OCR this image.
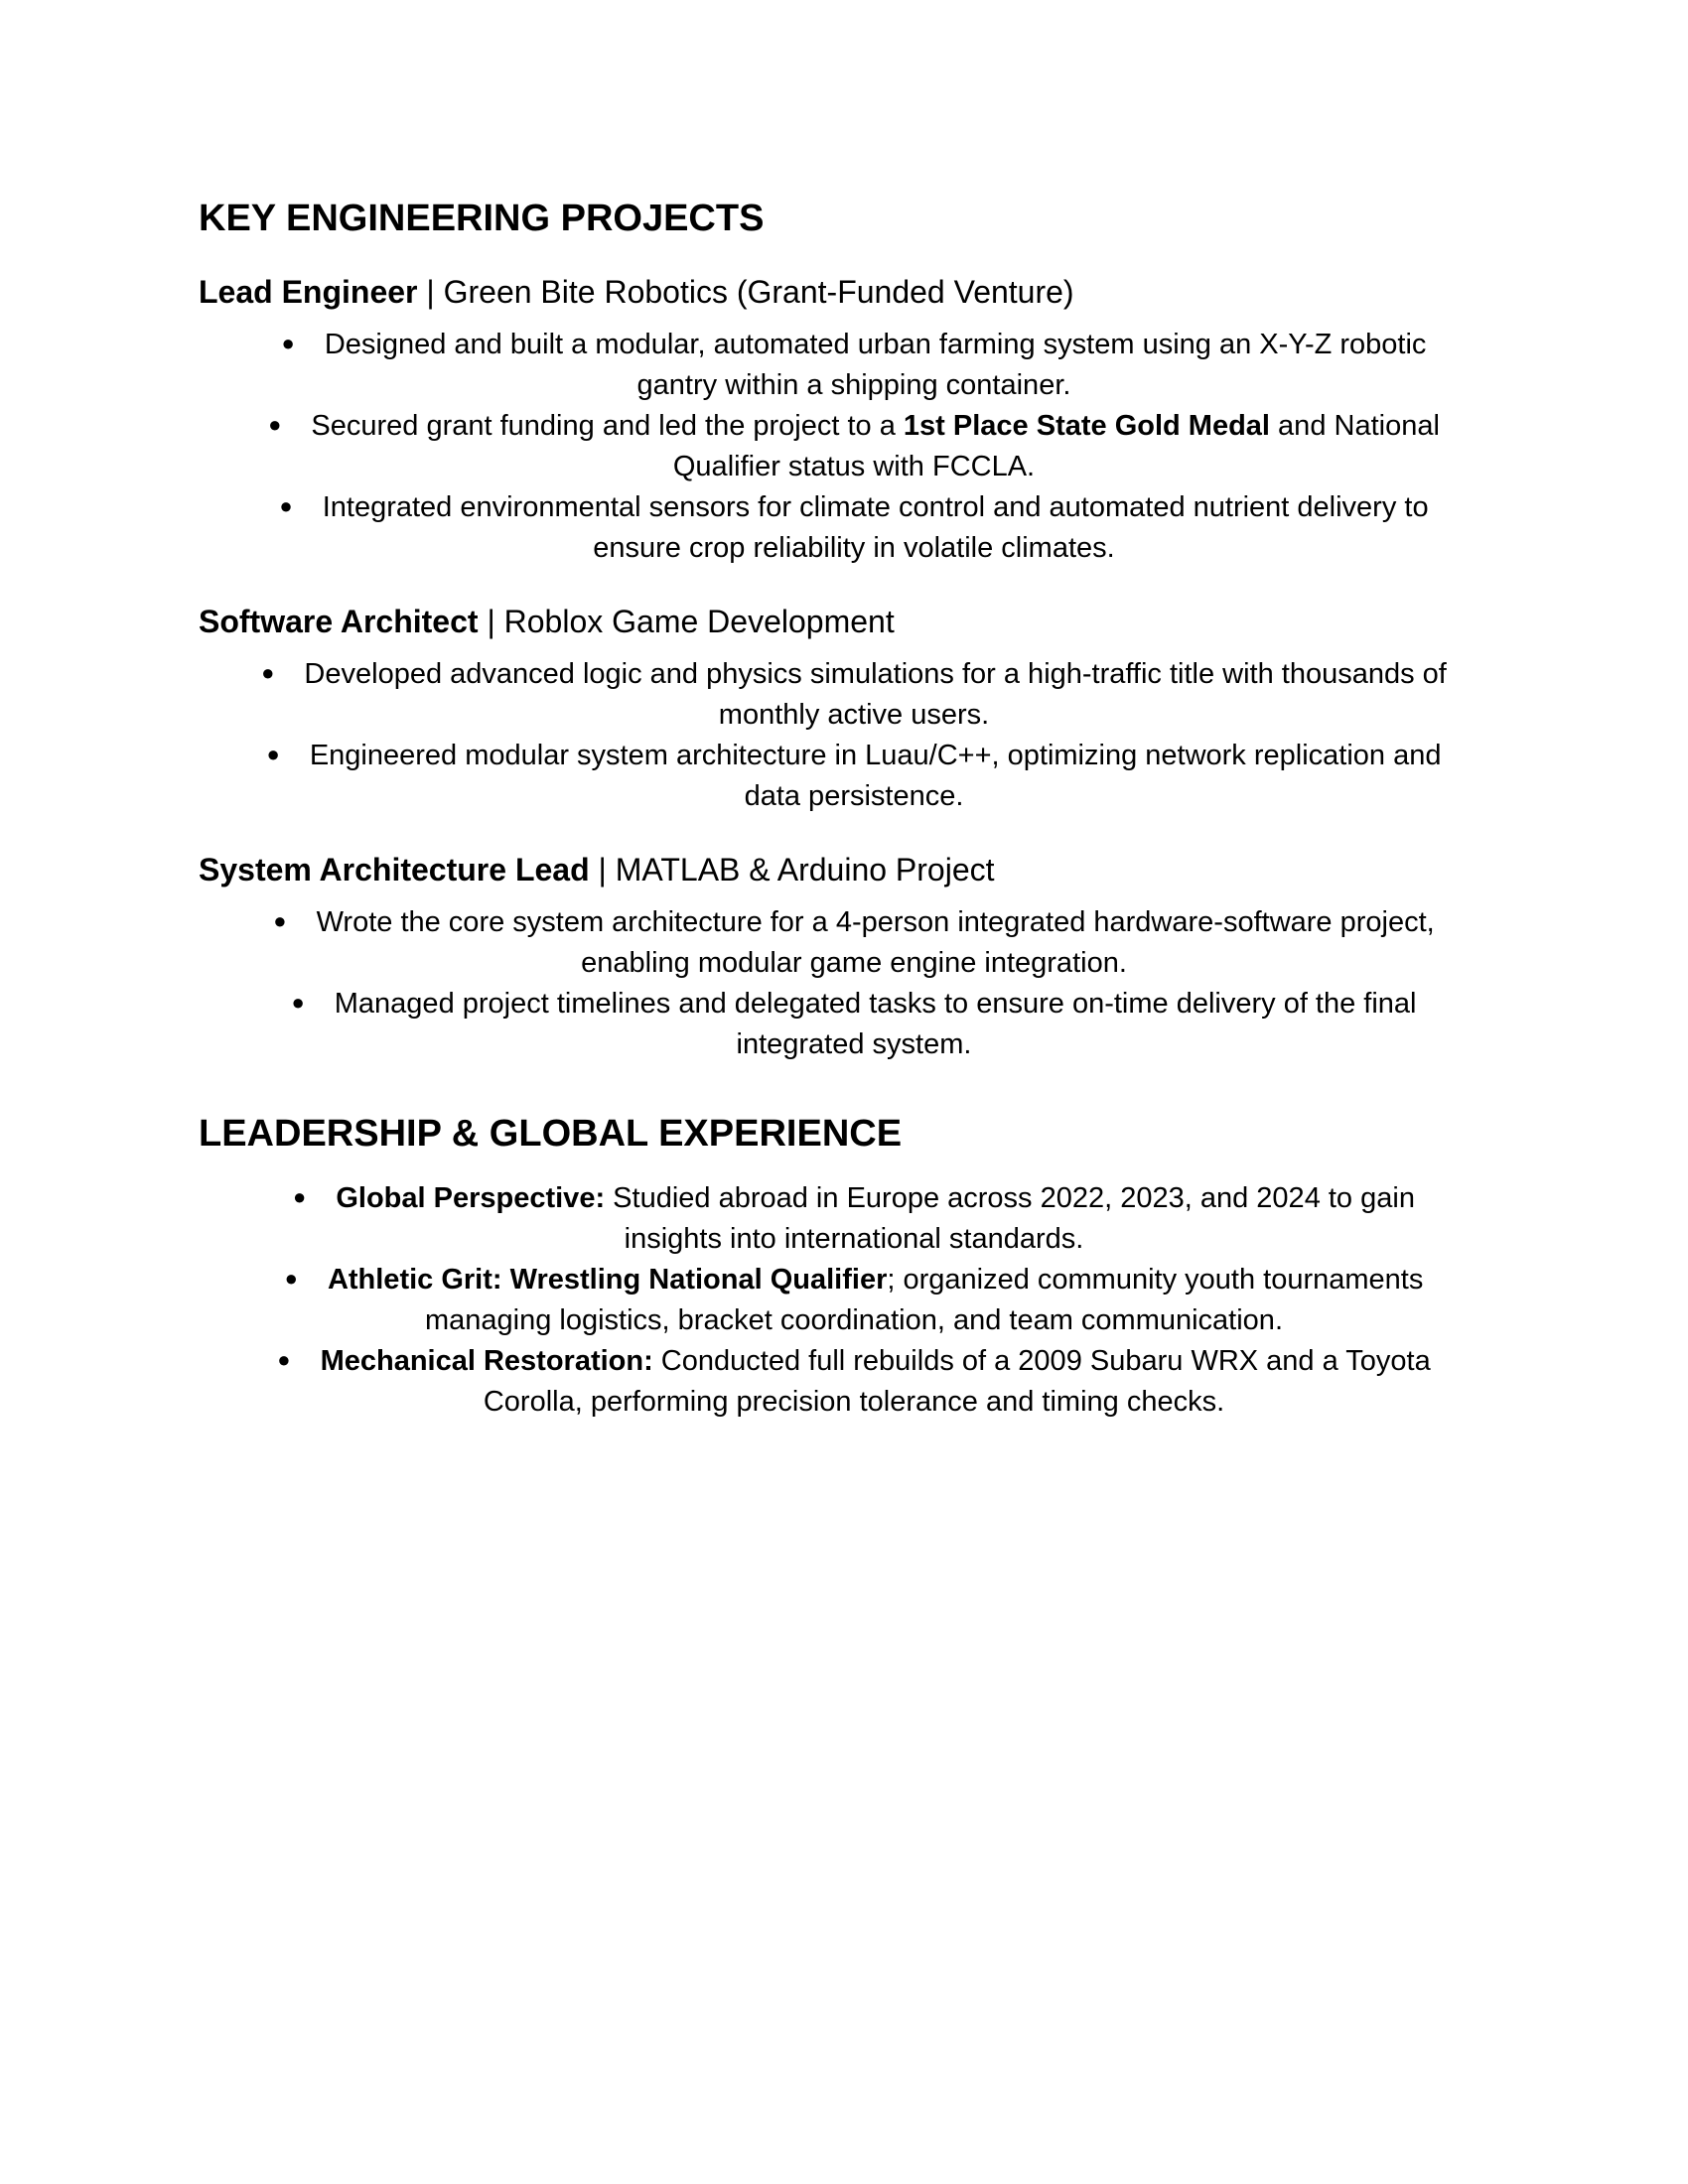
KEY ENGINEERING PROJECTS

Lead Engineer | Green Bite Robotics (Grant-Funded Venture)

● Designed and built a modular, automated urban farming system using an X-Y-Z robotic gantry within a shipping container.
● Secured grant funding and led the project to a 1st Place State Gold Medal and National Qualifier status with FCCLA.
● Integrated environmental sensors for climate control and automated nutrient delivery to ensure crop reliability in volatile climates.

Software Architect | Roblox Game Development

● Developed advanced logic and physics simulations for a high-traffic title with thousands of monthly active users.
● Engineered modular system architecture in Luau/C++, optimizing network replication and data persistence.

System Architecture Lead | MATLAB & Arduino Project

● Wrote the core system architecture for a 4-person integrated hardware-software project, enabling modular game engine integration.
● Managed project timelines and delegated tasks to ensure on-time delivery of the final integrated system.
LEADERSHIP & GLOBAL EXPERIENCE
● Global Perspective: Studied abroad in Europe across 2022, 2023, and 2024 to gain insights into international standards.
● Athletic Grit: Wrestling National Qualifier; organized community youth tournaments managing logistics, bracket coordination, and team communication.
● Mechanical Restoration: Conducted full rebuilds of a 2009 Subaru WRX and a Toyota Corolla, performing precision tolerance and timing checks.
